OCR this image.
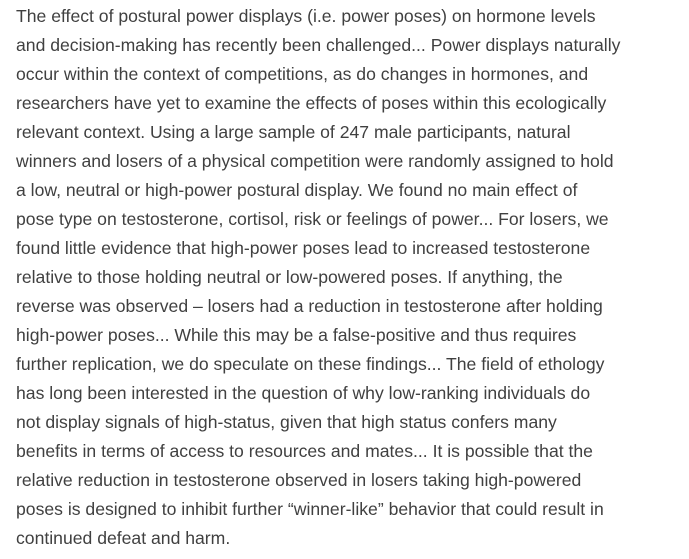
The effect of postural power displays (i.e. power poses) on hormone levels
and decision-making has recently been challenged... Power displays naturally
occur within the context of competitions, as do changes in hormones, and
researchers have yet to examine the effects of poses within this ecologically
relevant context. Using a large sample of 247 male participants, natural
winners and losers of a physical competition were randomly assigned to hold
a low, neutral or high-power postural display. We found no main effect of
pose type on testosterone, cortisol, risk or feelings of power... For losers, we
found little evidence that high-power poses lead to increased testosterone
relative to those holding neutral or low-powered poses. If anything, the
reverse was observed – losers had a reduction in testosterone after holding
high-power poses... While this may be a false-positive and thus requires
further replication, we do speculate on these findings... The field of ethology
has long been interested in the question of why low-ranking individuals do
not display signals of high-status, given that high status confers many
benefits in terms of access to resources and mates... It is possible that the
relative reduction in testosterone observed in losers taking high-powered
poses is designed to inhibit further “winner-like” behavior that could result in
continued defeat and harm.
